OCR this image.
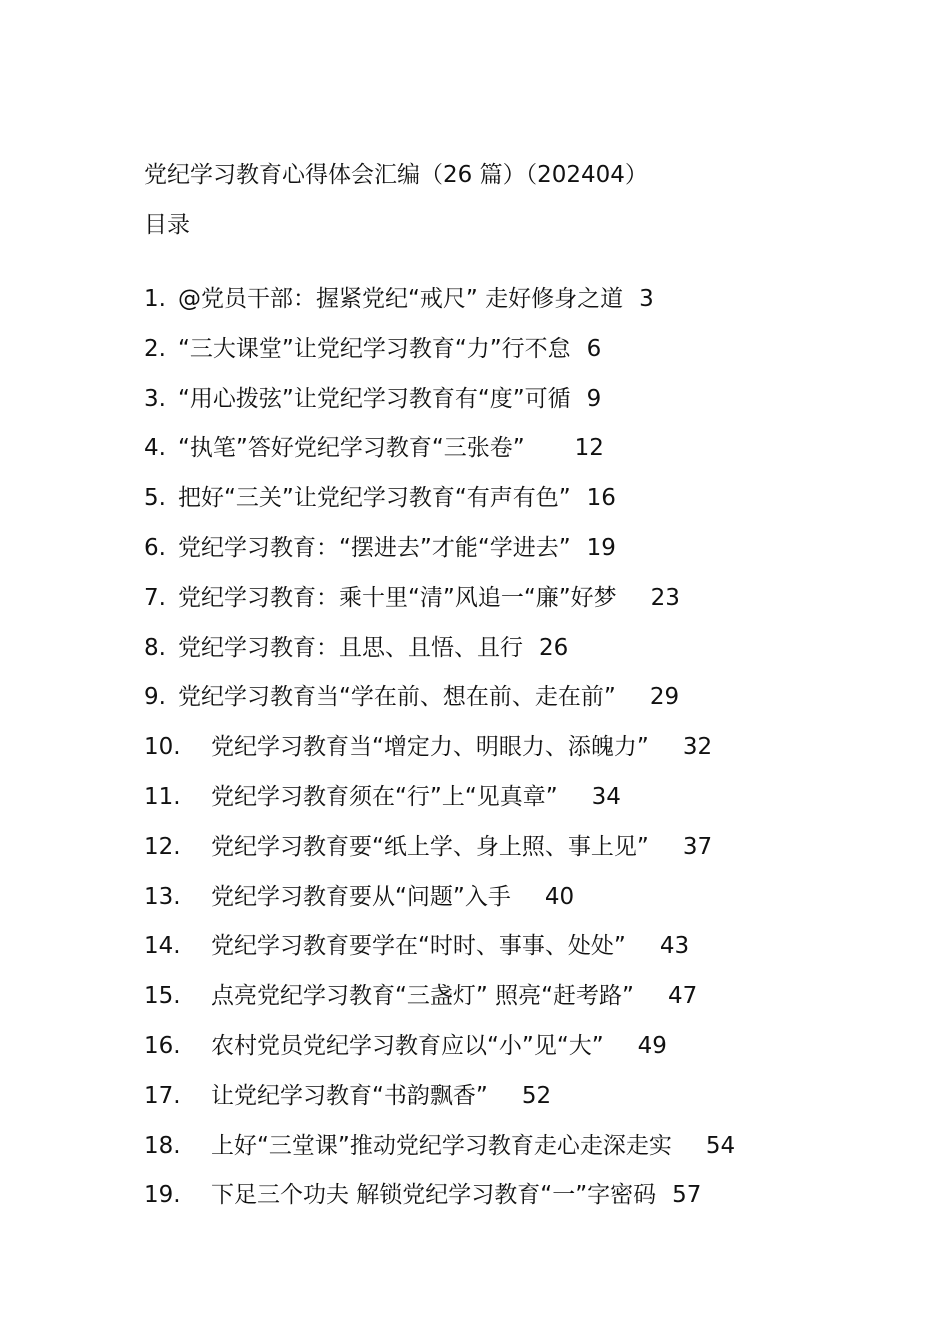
党纪学习教育心得体会汇编（26 篇）（202404）
目录
1. @党员干部：握紧党纪“戒尺” 走好修身之道 3
2. “三大课堂”让党纪学习教育“力”行不怠 6
3. “用心拨弦”让党纪学习教育有“度”可循 9
4. “执笔”答好党纪学习教育“三张卷” 12
5. 把好“三关”让党纪学习教育“有声有色” 16
6. 党纪学习教育：“摆进去”才能“学进去” 19
7. 党纪学习教育：乘十里“清”风追一“廉”好梦 23
8. 党纪学习教育：且思、且悟、且行 26
9. 党纪学习教育当“学在前、想在前、走在前” 29
10.	党纪学习教育当“增定力、明眼力、添魄力” 32
11.	党纪学习教育须在“行”上“见真章” 34
12.	党纪学习教育要“纸上学、身上照、事上见” 37
13.	党纪学习教育要从“问题”入手 40
14.	党纪学习教育要学在“时时、事事、处处” 43
15.	点亮党纪学习教育“三盏灯” 照亮“赶考路” 47
16.	农村党员党纪学习教育应以“小”见“大” 49
17.	让党纪学习教育“书韵飘香” 52
18.	上好“三堂课”推动党纪学习教育走心走深走实 54
19.	下足三个功夫 解锁党纪学习教育“一”字密码 57
